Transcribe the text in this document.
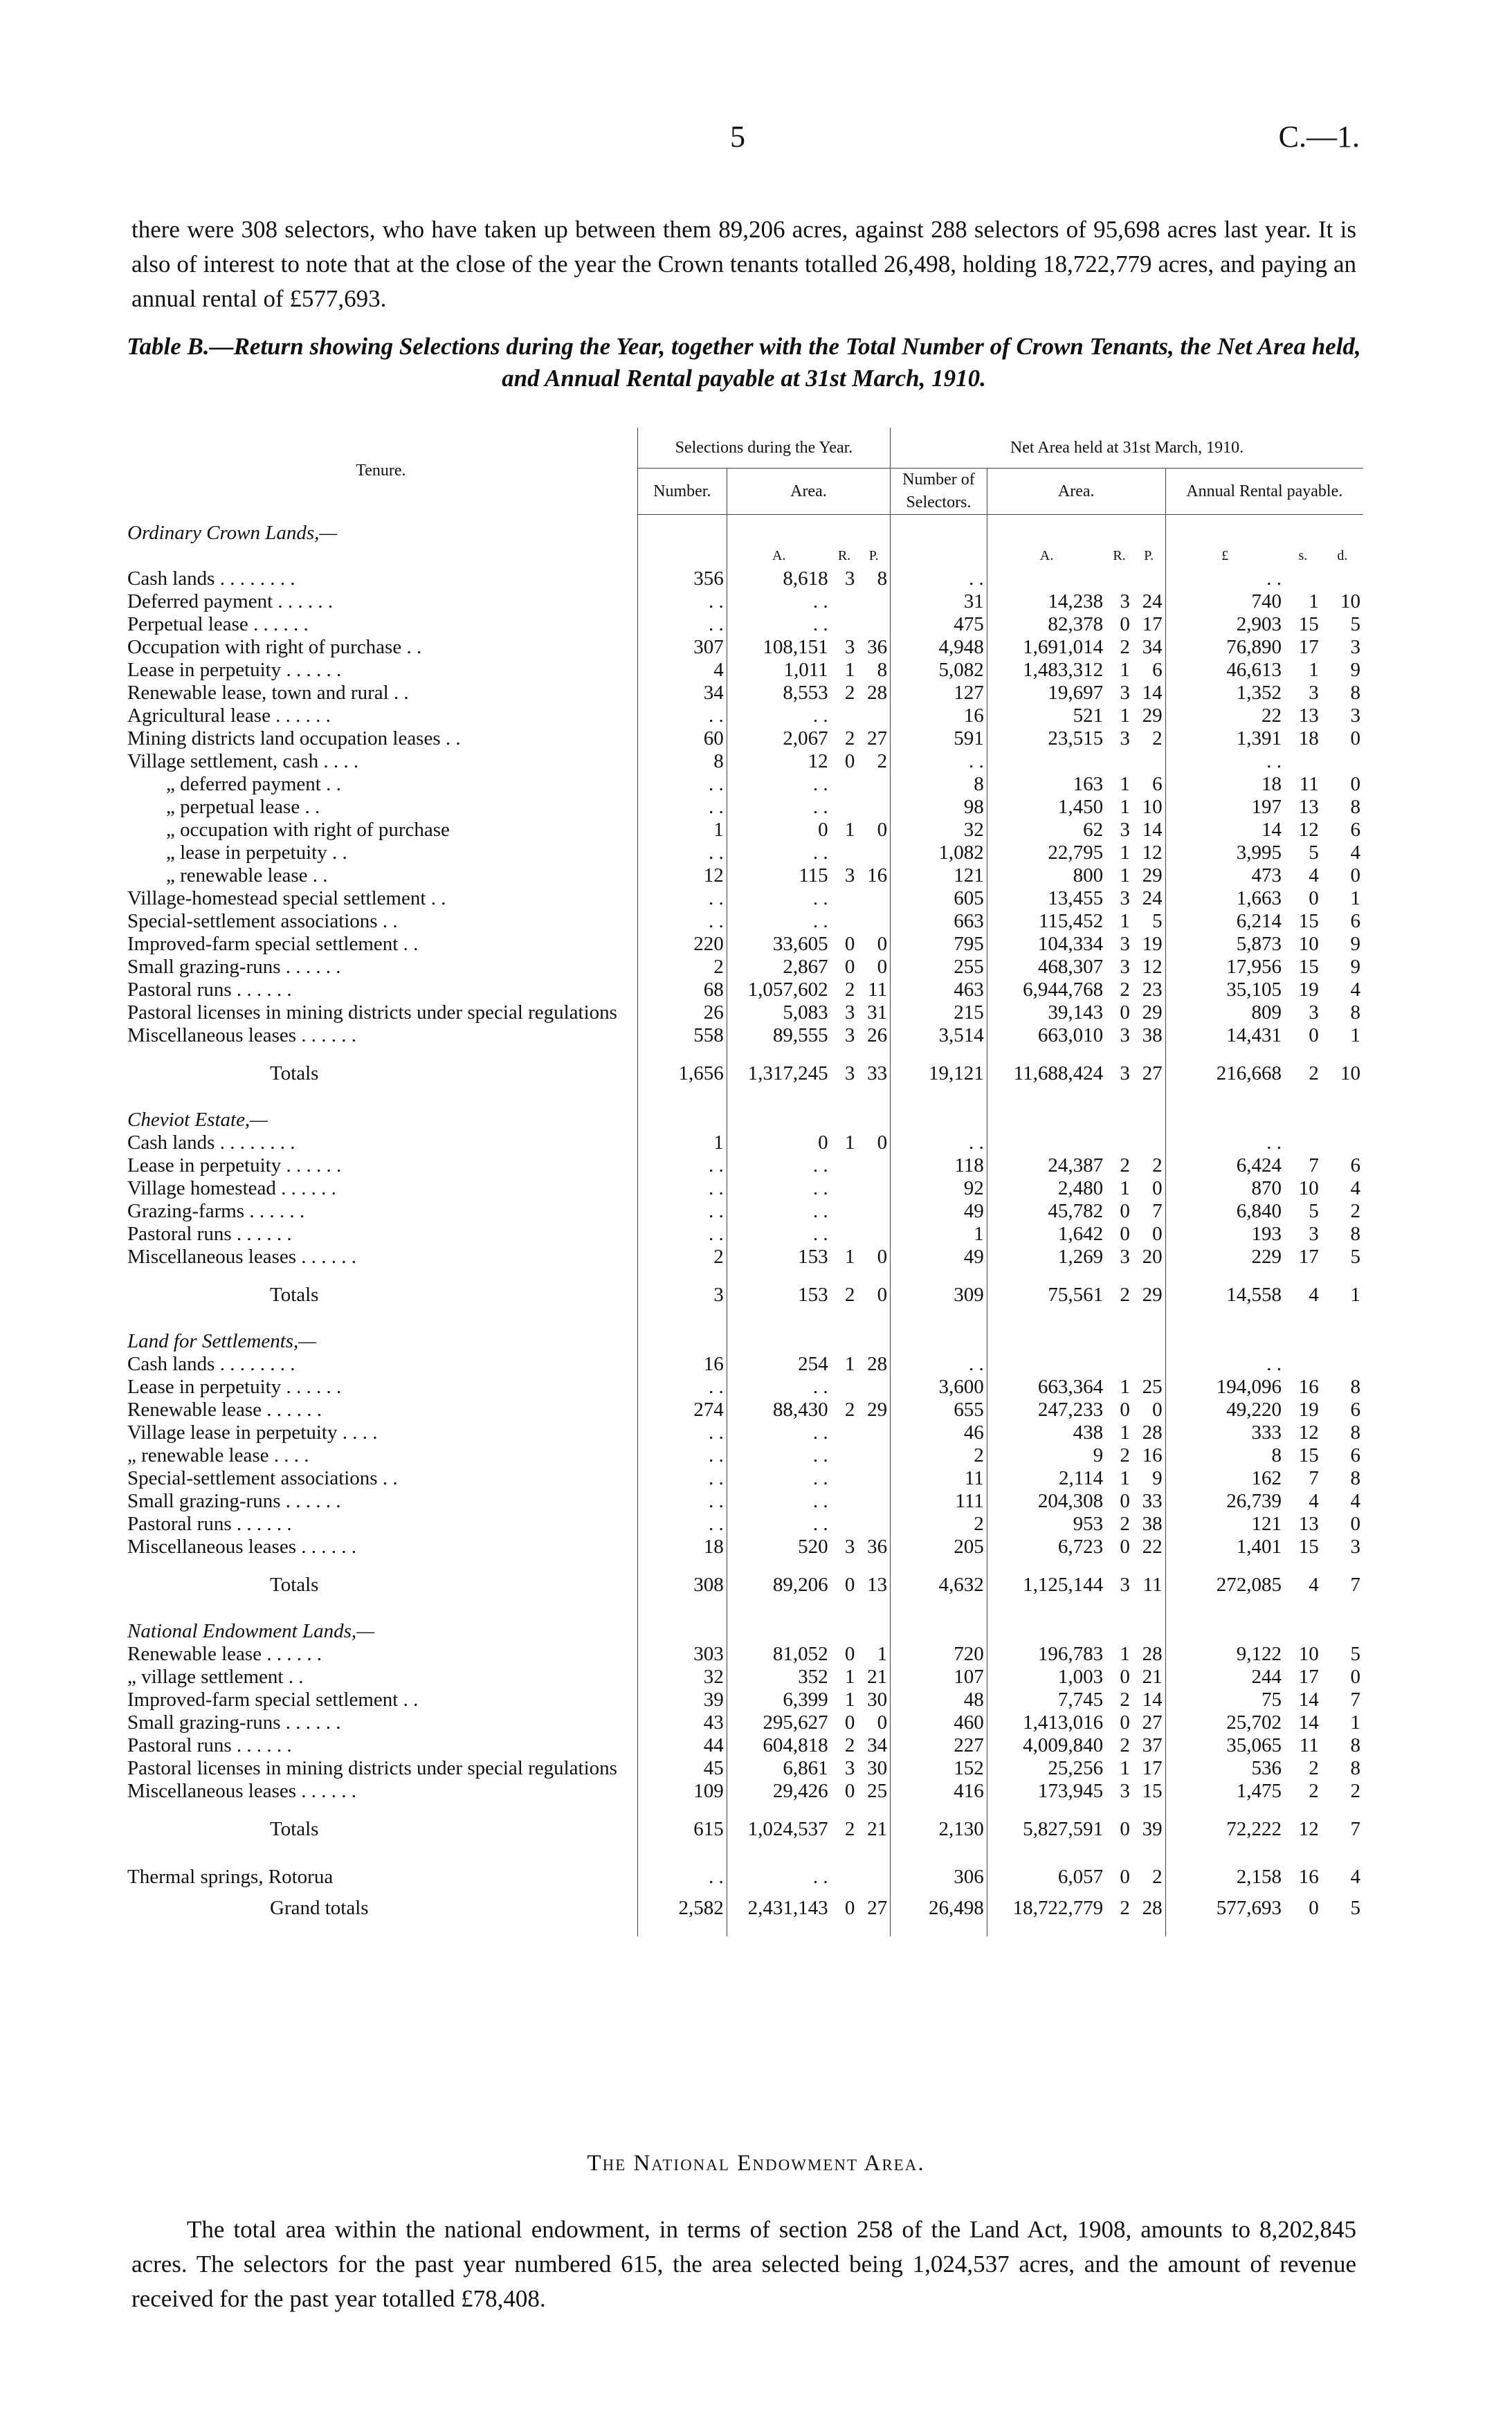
5	C.—1.

there were 308 selectors, who have taken up between them 89,206 acres, against 288 selectors of 95,698 acres last year. It is also of interest to note that at the close of the year the Crown tenants totalled 26,498, holding 18,722,779 acres, and paying an annual rental of £577,693.

Table B.—Return showing Selections during the Year, together with the Total Number of Crown Tenants, the Net Area held, and Annual Rental payable at 31st March, 1910.
Tenure.	Selections during the Year.				Net Area held at 31st March, 1910.						
	Number.	Area.			Number of Selectors.	Area.			Annual Rental payable.		
Ordinary Crown Lands,—											
		A.	R.	P.		A.	R.	P.	£	s.	d.
Cash lands . . . . . . . .	356	8,618	3	8	. .				. .		
Deferred payment . . . . . .	. .	. .			31	14,238	3	24	740	1	10
Perpetual lease . . . . . .	. .	. .			475	82,378	0	17	2,903	15	5
Occupation with right of purchase . .	307	108,151	3	36	4,948	1,691,014	2	34	76,890	17	3
Lease in perpetuity . . . . . .	4	1,011	1	8	5,082	1,483,312	1	6	46,613	1	9
Renewable lease, town and rural . .	34	8,553	2	28	127	19,697	3	14	1,352	3	8
Agricultural lease . . . . . .	. .	. .			16	521	1	29	22	13	3
Mining districts land occupation leases . .	60	2,067	2	27	591	23,515	3	2	1,391	18	0
Village settlement, cash . . . .	8	12	0	2	. .				. .		
„ deferred payment . .	. .	. .			8	163	1	6	18	11	0
„ perpetual lease . .	. .	. .			98	1,450	1	10	197	13	8
„ occupation with right of purchase	1	0	1	0	32	62	3	14	14	12	6
„ lease in perpetuity . .	. .	. .			1,082	22,795	1	12	3,995	5	4
„ renewable lease . .	12	115	3	16	121	800	1	29	473	4	0
Village-homestead special settlement . .	. .	. .			605	13,455	3	24	1,663	0	1
Special-settlement associations . .	. .	. .			663	115,452	1	5	6,214	15	6
Improved-farm special settlement . .	220	33,605	0	0	795	104,334	3	19	5,873	10	9
Small grazing-runs . . . . . .	2	2,867	0	0	255	468,307	3	12	17,956	15	9
Pastoral runs . . . . . .	68	1,057,602	2	11	463	6,944,768	2	23	35,105	19	4
Pastoral licenses in mining districts under special regulations	26	5,083	3	31	215	39,143	0	29	809	3	8
Miscellaneous leases . . . . . .	558	89,555	3	26	3,514	663,010	3	38	14,431	0	1
Totals	1,656	1,317,245	3	33	19,121	11,688,424	3	27	216,668	2	10
Cheviot Estate,—											
Cash lands . . . . . . . .	1	0	1	0	. .				. .		
Lease in perpetuity . . . . . .	. .	. .			118	24,387	2	2	6,424	7	6
Village homestead . . . . . .	. .	. .			92	2,480	1	0	870	10	4
Grazing-farms . . . . . .	. .	. .			49	45,782	0	7	6,840	5	2
Pastoral runs . . . . . .	. .	. .			1	1,642	0	0	193	3	8
Miscellaneous leases . . . . . .	2	153	1	0	49	1,269	3	20	229	17	5
Totals	3	153	2	0	309	75,561	2	29	14,558	4	1
Land for Settlements,—											
Cash lands . . . . . . . .	16	254	1	28	. .				. .		
Lease in perpetuity . . . . . .	. .	. .			3,600	663,364	1	25	194,096	16	8
Renewable lease . . . . . .	274	88,430	2	29	655	247,233	0	0	49,220	19	6
Village lease in perpetuity . . . .	. .	. .			46	438	1	28	333	12	8
„ renewable lease . . . .	. .	. .			2	9	2	16	8	15	6
Special-settlement associations . .	. .	. .			11	2,114	1	9	162	7	8
Small grazing-runs . . . . . .	. .	. .			111	204,308	0	33	26,739	4	4
Pastoral runs . . . . . .	. .	. .			2	953	2	38	121	13	0
Miscellaneous leases . . . . . .	18	520	3	36	205	6,723	0	22	1,401	15	3
Totals	308	89,206	0	13	4,632	1,125,144	3	11	272,085	4	7
National Endowment Lands,—											
Renewable lease . . . . . .	303	81,052	0	1	720	196,783	1	28	9,122	10	5
„ village settlement . .	32	352	1	21	107	1,003	0	21	244	17	0
Improved-farm special settlement . .	39	6,399	1	30	48	7,745	2	14	75	14	7
Small grazing-runs . . . . . .	43	295,627	0	0	460	1,413,016	0	27	25,702	14	1
Pastoral runs . . . . . .	44	604,818	2	34	227	4,009,840	2	37	35,065	11	8
Pastoral licenses in mining districts under special regulations	45	6,861	3	30	152	25,256	1	17	536	2	8
Miscellaneous leases . . . . . .	109	29,426	0	25	416	173,945	3	15	1,475	2	2
Totals	615	1,024,537	2	21	2,130	5,827,591	0	39	72,222	12	7
Thermal springs, Rotorua	. .	. .			306	6,057	0	2	2,158	16	4
Grand totals	2,582	2,431,143	0	27	26,498	18,722,779	2	28	577,693	0	5
The National Endowment Area.

The total area within the national endowment, in terms of section 258 of the Land Act, 1908, amounts to 8,202,845 acres. The selectors for the past year numbered 615, the area selected being 1,024,537 acres, and the amount of revenue received for the past year totalled £78,408.
